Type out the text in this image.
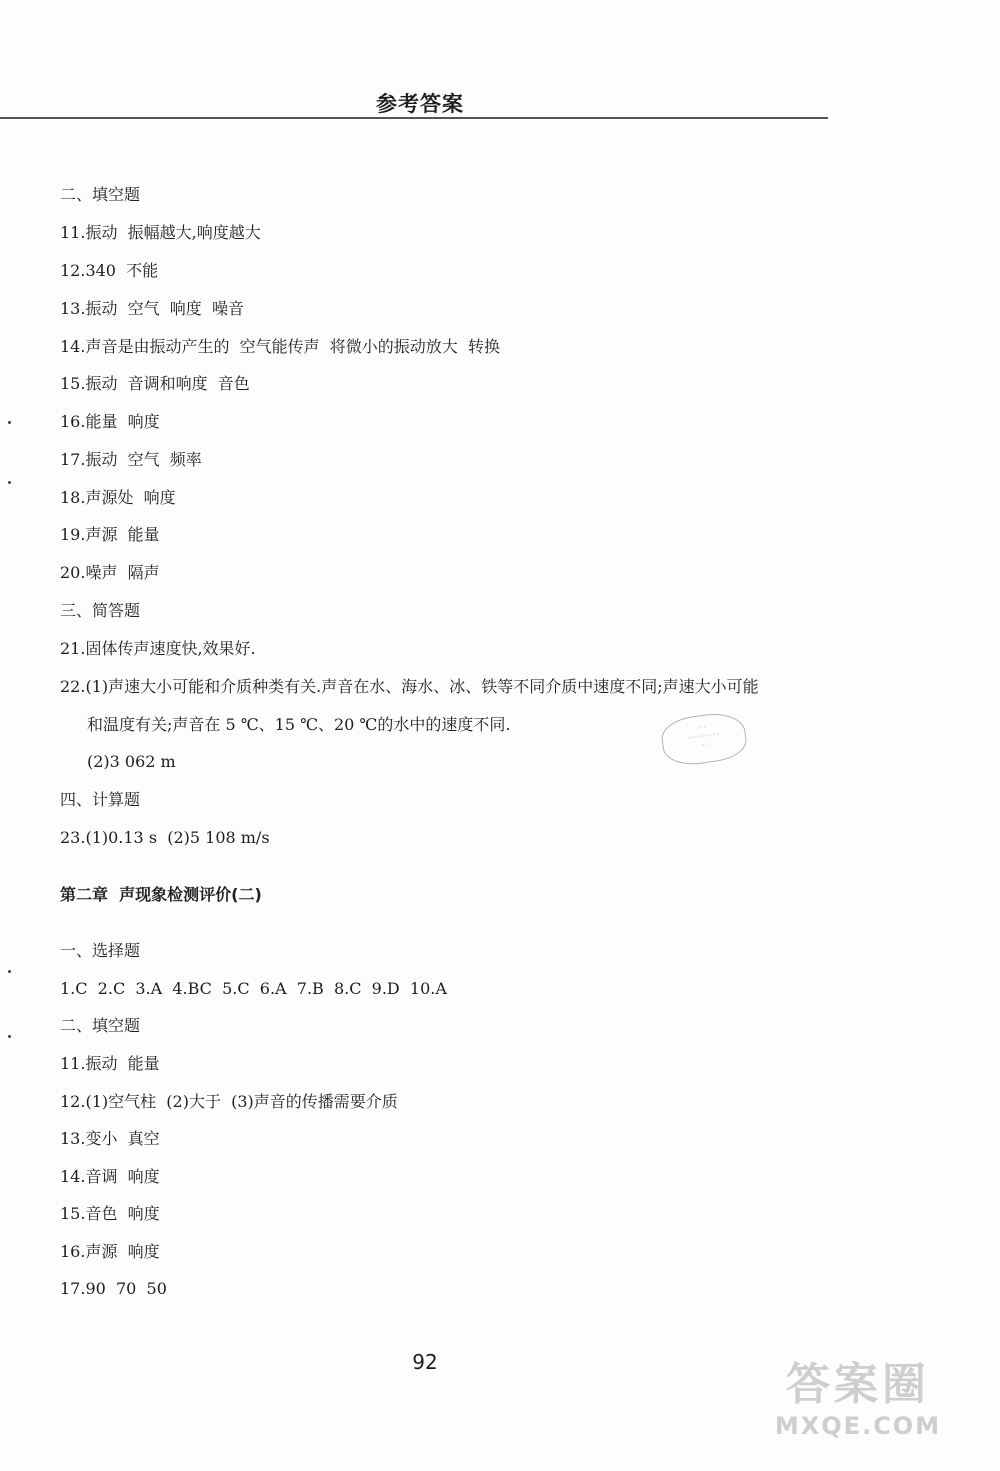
参考答案
二、填空题
11.振动  振幅越大,响度越大
12.340  不能
13.振动  空气  响度  噪音
14.声音是由振动产生的  空气能传声  将微小的振动放大  转换
15.振动  音调和响度  音色
16.能量  响度
17.振动  空气  频率
18.声源处  响度
19.声源  能量
20.噪声  隔声
三、简答题
21.固体传声速度快,效果好.
22.(1)声速大小可能和介质种类有关.声音在水、海水、冰、铁等不同介质中速度不同;声速大小可能
和温度有关;声音在 5 ℃、15 ℃、20 ℃的水中的速度不同.
(2)3 062 m
四、计算题
23.(1)0.13 s  (2)5 108 m/s
第二章  声现象检测评价(二)
一、选择题
1.C  2.C  3.A  4.BC  5.C  6.A  7.B  8.C  9.D  10.A
二、填空题
11.振动  能量
12.(1)空气柱  (2)大于  (3)声音的传播需要介质
13.变小  真空
14.音调  响度
15.音色  响度
16.声源  响度
17.90  70  50
◦ ◦
◦◦◦◦◦◦◦◦◦
◦◦
92	答案圈
MXQE.COM
